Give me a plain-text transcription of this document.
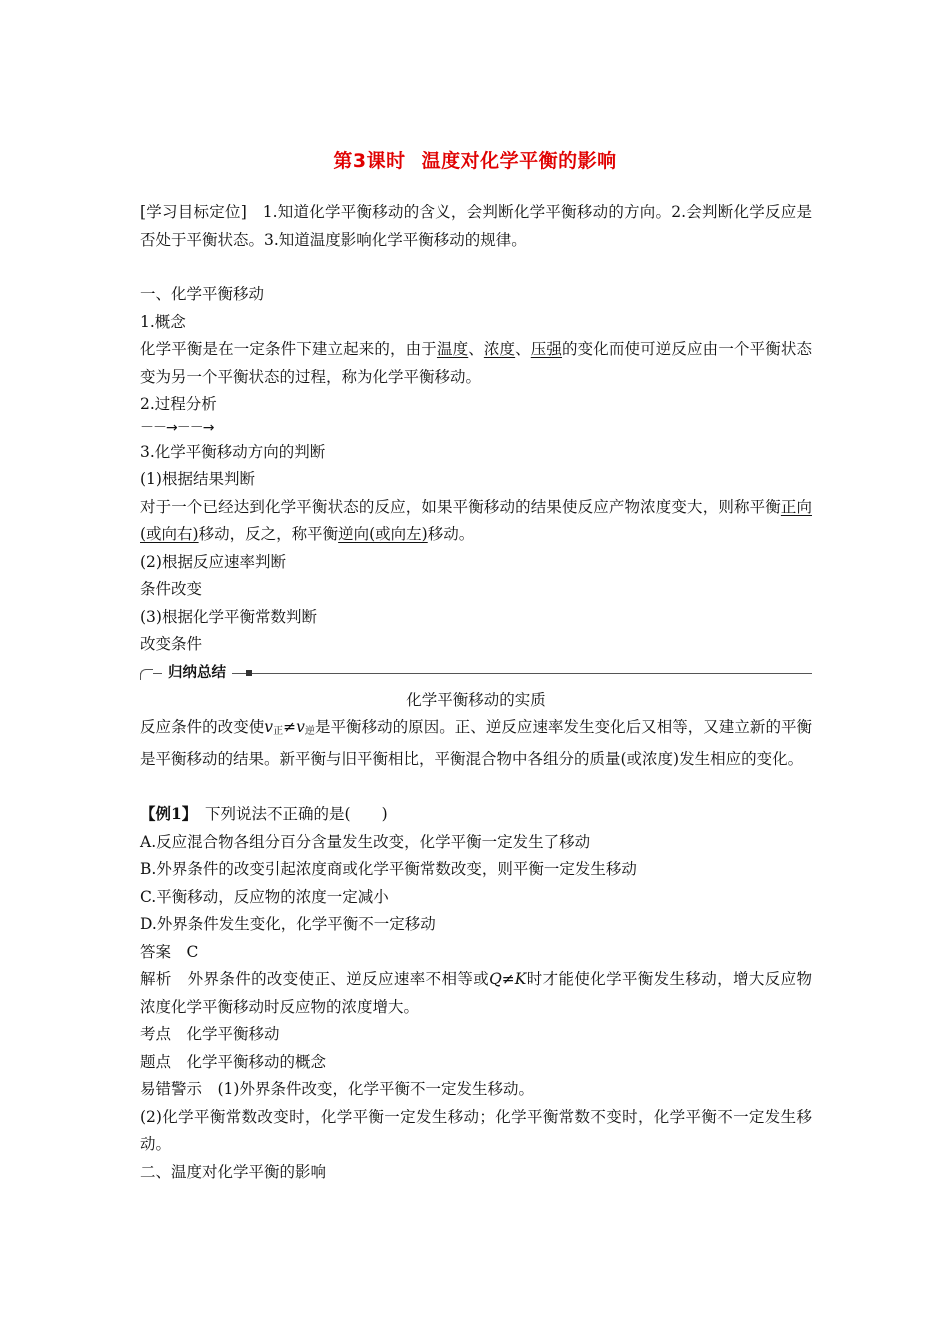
第3课时 温度对化学平衡的影响

[学习目标定位]　1.知道化学平衡移动的含义，会判断化学平衡移动的方向。2.会判断化学反应是否处于平衡状态。3.知道温度影响化学平衡移动的规律。

一、化学平衡移动

1.概念

化学平衡是在一定条件下建立起来的，由于温度、浓度、压强的变化而使可逆反应由一个平衡状态变为另一个平衡状态的过程，称为化学平衡移动。

2.过程分析

－－→－－→

3.化学平衡移动方向的判断

(1)根据结果判断

对于一个已经达到化学平衡状态的反应，如果平衡移动的结果使反应产物浓度变大，则称平衡正向(或向右)移动，反之，称平衡逆向(或向左)移动。

(2)根据反应速率判断

条件改变

(3)根据化学平衡常数判断

改变条件

归纳总结

化学平衡移动的实质

反应条件的改变使$v_正\ne v_逆$是平衡移动的原因。正、逆反应速率发生变化后又相等，又建立新的平衡是平衡移动的结果。新平衡与旧平衡相比，平衡混合物中各组分的质量(或浓度)发生相应的变化。

【例1】　下列说法不正确的是(　　)

A.反应混合物各组分百分含量发生改变，化学平衡一定发生了移动

B.外界条件的改变引起浓度商或化学平衡常数改变，则平衡一定发生移动

C.平衡移动，反应物的浓度一定减小

D.外界条件发生变化，化学平衡不一定移动

答案　C

解析　外界条件的改变使正、逆反应速率不相等或Q≠K时才能使化学平衡发生移动，增大反应物浓度化学平衡移动时反应物的浓度增大。

考点　化学平衡移动

题点　化学平衡移动的概念

易错警示　(1)外界条件改变，化学平衡不一定发生移动。

(2)化学平衡常数改变时，化学平衡一定发生移动；化学平衡常数不变时，化学平衡不一定发生移动。

二、温度对化学平衡的影响
